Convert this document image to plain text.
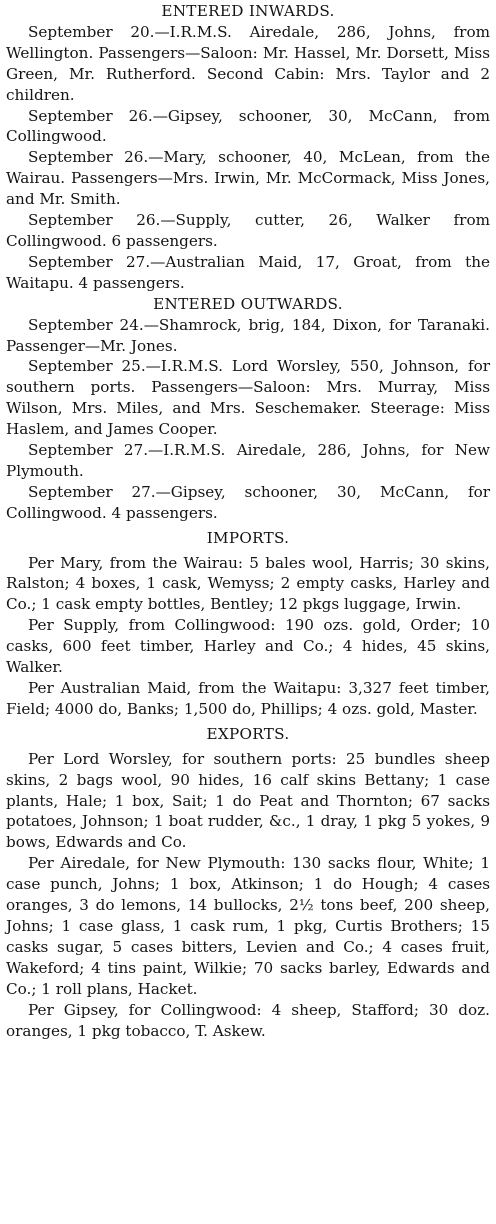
ENTERED INWARDS.

September 20.—I.R.M.S. Airedale, 286, Johns, from Wellington. Passengers—Saloon: Mr. Hassel, Mr. Dorsett, Miss Green, Mr. Rutherford. Second Cabin: Mrs. Taylor and 2 children.

September 26.—Gipsey, schooner, 30, McCann, from Collingwood.

September 26.—Mary, schooner, 40, McLean, from the Wairau. Passengers—Mrs. Irwin, Mr. McCormack, Miss Jones, and Mr. Smith.

September 26.—Supply, cutter, 26, Walker from Collingwood. 6 passengers.

September 27.—Australian Maid, 17, Groat, from the Waitapu. 4 passengers.

ENTERED OUTWARDS.

September 24.—Shamrock, brig, 184, Dixon, for Taranaki. Passenger—Mr. Jones.

September 25.—I.R.M.S. Lord Worsley, 550, Johnson, for southern ports. Passengers—Saloon: Mrs. Murray, Miss Wilson, Mrs. Miles, and Mrs. Seschemaker. Steerage: Miss Haslem, and James Cooper.

September 27.—I.R.M.S. Airedale, 286, Johns, for New Plymouth.

September 27.—Gipsey, schooner, 30, McCann, for Collingwood. 4 passengers.

IMPORTS.

Per Mary, from the Wairau: 5 bales wool, Harris; 30 skins, Ralston; 4 boxes, 1 cask, Wemyss; 2 empty casks, Harley and Co.; 1 cask empty bottles, Bentley; 12 pkgs luggage, Irwin.

Per Supply, from Collingwood: 190 ozs. gold, Order; 10 casks, 600 feet timber, Harley and Co.; 4 hides, 45 skins, Walker.

Per Australian Maid, from the Waitapu: 3,327 feet timber, Field; 4000 do, Banks; 1,500 do, Phillips; 4 ozs. gold, Master.

EXPORTS.

Per Lord Worsley, for southern ports: 25 bundles sheep skins, 2 bags wool, 90 hides, 16 calf skins Bettany; 1 case plants, Hale; 1 box, Sait; 1 do Peat and Thornton; 67 sacks potatoes, Johnson; 1 boat rudder, &c., 1 dray, 1 pkg 5 yokes, 9 bows, Edwards and Co.

Per Airedale, for New Plymouth: 130 sacks flour, White; 1 case punch, Johns; 1 box, Atkinson; 1 do Hough; 4 cases oranges, 3 do lemons, 14 bullocks, 2½ tons beef, 200 sheep, Johns; 1 case glass, 1 cask rum, 1 pkg, Curtis Brothers; 15 casks sugar, 5 cases bitters, Levien and Co.; 4 cases fruit, Wakeford; 4 tins paint, Wilkie; 70 sacks barley, Edwards and Co.; 1 roll plans, Hacket.

Per Gipsey, for Collingwood: 4 sheep, Stafford; 30 doz. oranges, 1 pkg tobacco, T. Askew.
